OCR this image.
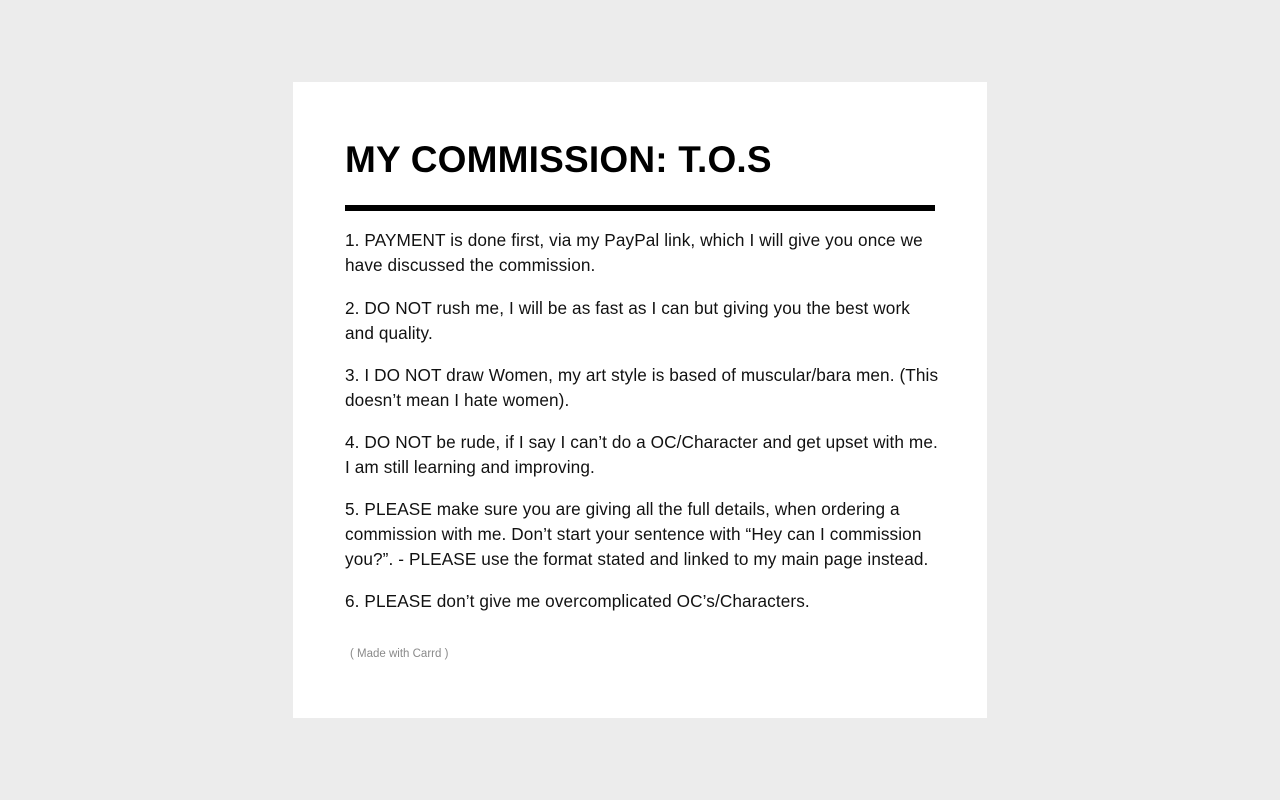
MY COMMISSION: T.O.S
1. PAYMENT is done first, via my PayPal link, which I will give you once we have discussed the commission.
2. DO NOT rush me, I will be as fast as I can but giving you the best work and quality.
3. I DO NOT draw Women, my art style is based of muscular/bara men. (This doesn’t mean I hate women).
4. DO NOT be rude, if I say I can’t do a OC/Character and get upset with me. I am still learning and improving.
5. PLEASE make sure you are giving all the full details, when ordering a commission with me. Don’t start your sentence with “Hey can I commission you?”. - PLEASE use the format stated and linked to my main page instead.
6. PLEASE don’t give me overcomplicated OC’s/Characters.
( Made with Carrd )
